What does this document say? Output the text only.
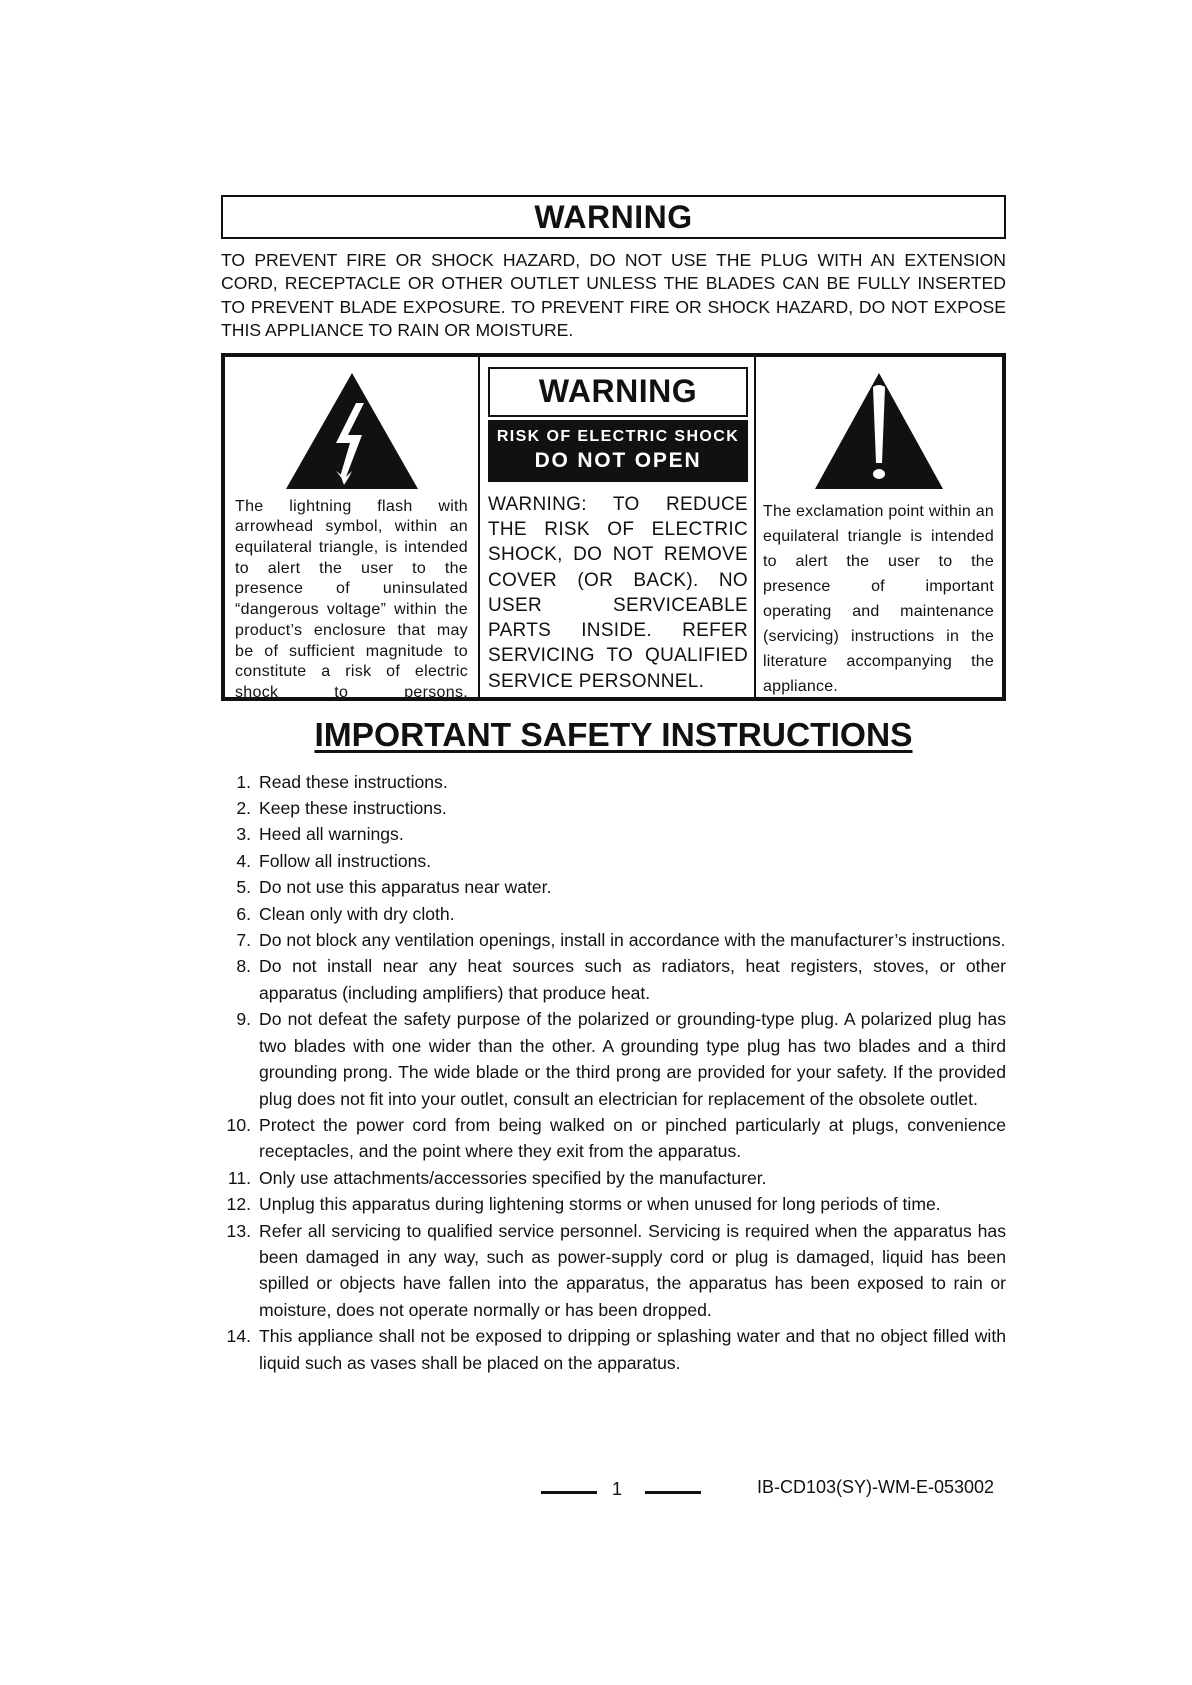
WARNING
TO PREVENT FIRE OR SHOCK HAZARD, DO NOT USE THE PLUG WITH AN EXTENSION CORD, RECEPTACLE OR OTHER OUTLET UNLESS THE BLADES CAN BE FULLY INSERTED TO PREVENT BLADE EXPOSURE. TO PREVENT FIRE OR SHOCK HAZARD, DO NOT EXPOSE THIS APPLIANCE TO RAIN OR MOISTURE.
The lightning flash with arrowhead symbol, within an equilateral triangle, is intended to alert the user to the presence of uninsulated “dangerous voltage” within the product’s enclosure that may be of sufficient magnitude to constitute a risk of electric shock to persons.
WARNING
RISK OF ELECTRIC SHOCK
DO NOT OPEN
WARNING: TO REDUCE THE RISK OF ELECTRIC SHOCK, DO NOT REMOVE COVER (OR BACK). NO USER SERVICEABLE PARTS INSIDE. REFER SERVICING TO QUALIFIED SERVICE PERSONNEL.
The exclamation point within an equilateral triangle is intended to alert the user to the presence of important operating and maintenance (servicing) instructions in the literature accompanying the appliance.
IMPORTANT SAFETY INSTRUCTIONS
1. Read these instructions.
2. Keep these instructions.
3. Heed all warnings.
4. Follow all instructions.
5. Do not use this apparatus near water.
6. Clean only with dry cloth.
7. Do not block any ventilation openings, install in accordance with the manufacturer’s instructions.
8. Do not install near any heat sources such as radiators, heat registers, stoves, or other apparatus (including amplifiers) that produce heat.
9. Do not defeat the safety purpose of the polarized or grounding-type plug. A polarized plug has two blades with one wider than the other. A grounding type plug has two blades and a third grounding prong. The wide blade or the third prong are provided for your safety. If the provided plug does not fit into your outlet, consult an electrician for replacement of the obsolete outlet.
10. Protect the power cord from being walked on or pinched particularly at plugs, convenience receptacles, and the point where they exit from the apparatus.
11. Only use attachments/accessories specified by the manufacturer.
12. Unplug this apparatus during lightening storms or when unused for long periods of time.
13. Refer all servicing to qualified service personnel. Servicing is required when the apparatus has been damaged in any way, such as power-supply cord or plug is damaged, liquid has been spilled or objects have fallen into the apparatus, the apparatus has been exposed to rain or moisture, does not operate normally or has been dropped.
14. This appliance shall not be exposed to dripping or splashing water and that no object filled with liquid such as vases shall be placed on the apparatus.
1	IB-CD103(SY)-WM-E-053002
